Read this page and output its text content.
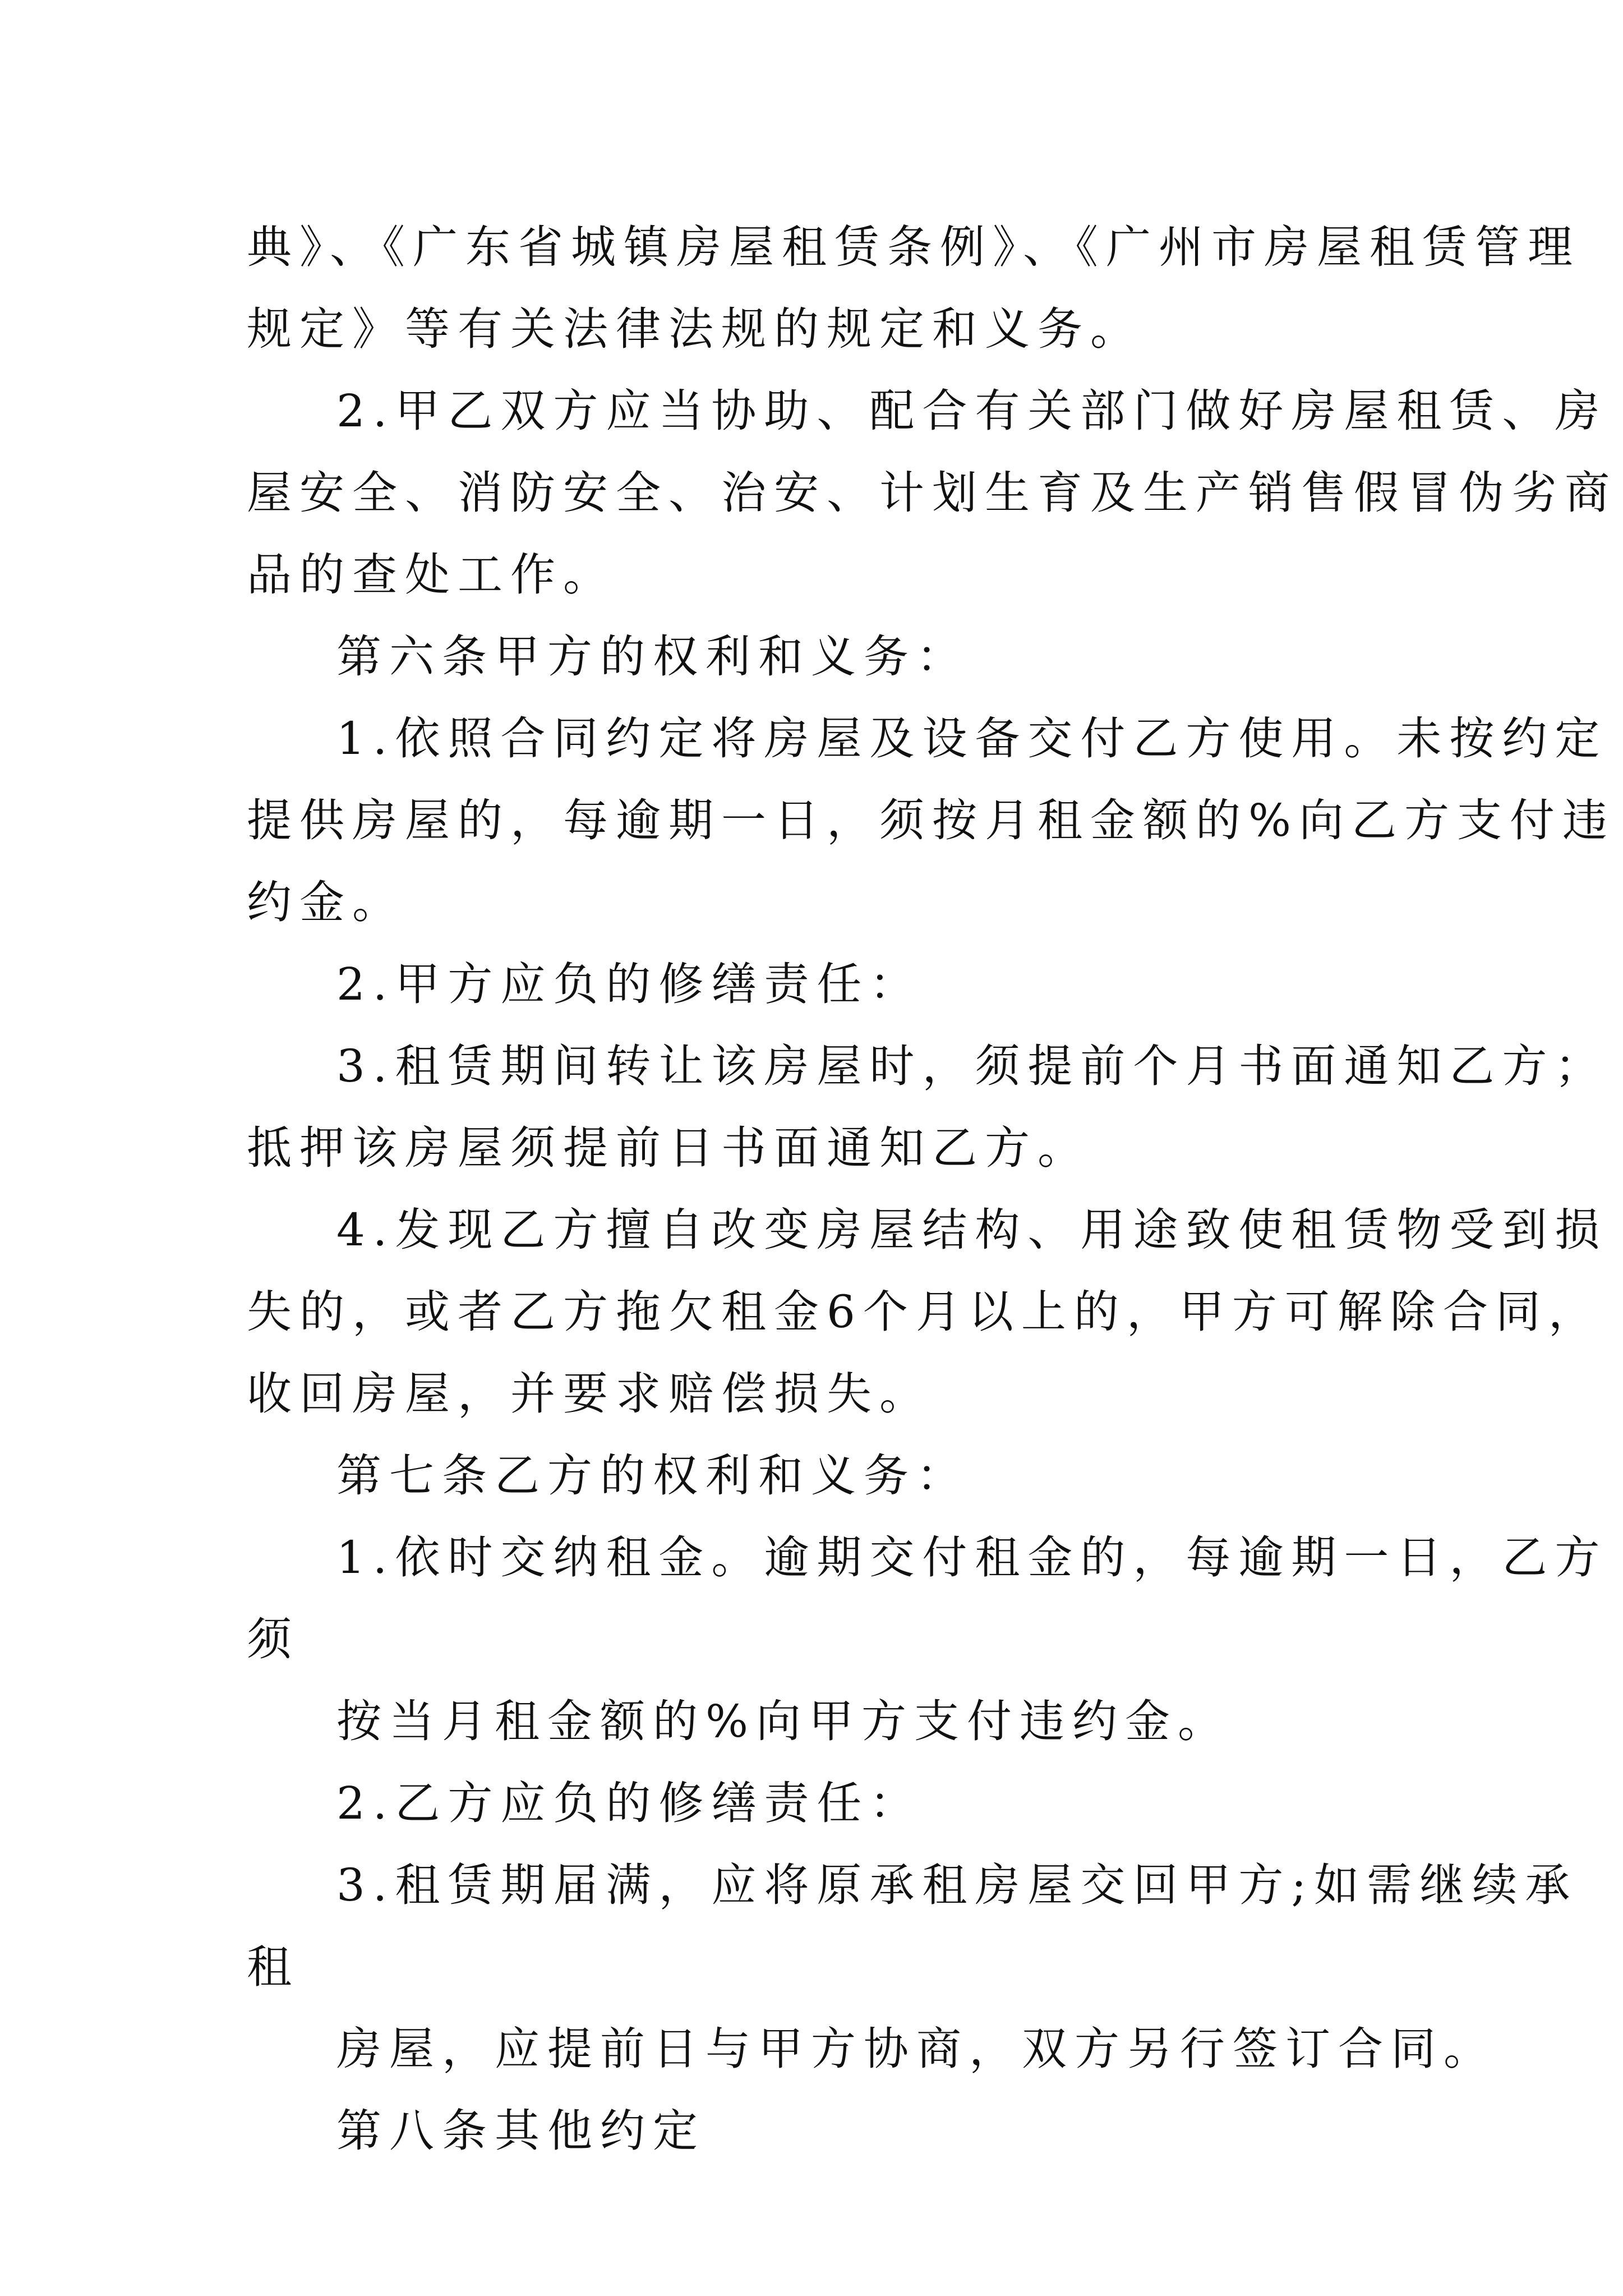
典》、《广东省城镇房屋租赁条例》、《广州市房屋租赁管理
规定》等有关法律法规的规定和义务。
2.甲乙双方应当协助、配合有关部门做好房屋租赁、房
屋安全、消防安全、治安、计划生育及生产销售假冒伪劣商
品的查处工作。
第六条甲方的权利和义务：
1.依照合同约定将房屋及设备交付乙方使用。未按约定
提供房屋的，每逾期一日，须按月租金额的%向乙方支付违
约金。
2.甲方应负的修缮责任：
3.租赁期间转让该房屋时，须提前个月书面通知乙方；
抵押该房屋须提前日书面通知乙方。
4.发现乙方擅自改变房屋结构、用途致使租赁物受到损
失的，或者乙方拖欠租金6个月以上的，甲方可解除合同，
收回房屋，并要求赔偿损失。
第七条乙方的权利和义务：
1.依时交纳租金。逾期交付租金的，每逾期一日，乙方
须
按当月租金额的%向甲方支付违约金。
2.乙方应负的修缮责任：
3.租赁期届满，应将原承租房屋交回甲方;如需继续承
租
房屋，应提前日与甲方协商，双方另行签订合同。
第八条其他约定
